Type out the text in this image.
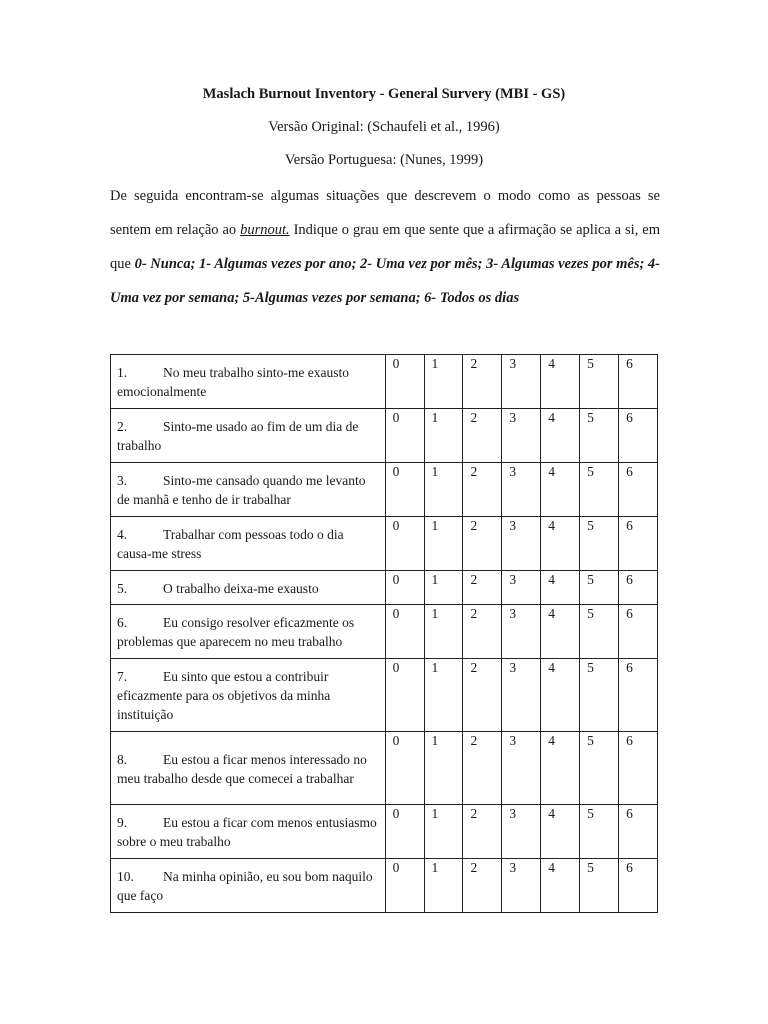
Maslach Burnout Inventory - General Survery (MBI - GS)
Versão Original: (Schaufeli et al., 1996)
Versão Portuguesa: (Nunes, 1999)
De seguida encontram-se algumas situações que descrevem o modo como as pessoas se sentem em relação ao burnout. Indique o grau em que sente que a afirmação se aplica a si, em que 0- Nunca; 1- Algumas vezes por ano; 2- Uma vez por mês; 3- Algumas vezes por mês; 4- Uma vez por semana; 5-Algumas vezes por semana; 6- Todos os dias
1. No meu trabalho sinto-me exausto emocionalmente	0	1	2	3	4	5	6
2. Sinto-me usado ao fim de um dia de trabalho	0	1	2	3	4	5	6
3. Sinto-me cansado quando me levanto de manhã e tenho de ir trabalhar	0	1	2	3	4	5	6
4. Trabalhar com pessoas todo o dia causa-me stress	0	1	2	3	4	5	6
5. O trabalho deixa-me exausto	0	1	2	3	4	5	6
6. Eu consigo resolver eficazmente os problemas que aparecem no meu trabalho	0	1	2	3	4	5	6
7. Eu sinto que estou a contribuir eficazmente para os objetivos da minha instituição	0	1	2	3	4	5	6
8. Eu estou a ficar menos interessado no meu trabalho desde que comecei a trabalhar	0	1	2	3	4	5	6
9. Eu estou a ficar com menos entusiasmo sobre o meu trabalho	0	1	2	3	4	5	6
10. Na minha opinião, eu sou bom naquilo que faço	0	1	2	3	4	5	6
